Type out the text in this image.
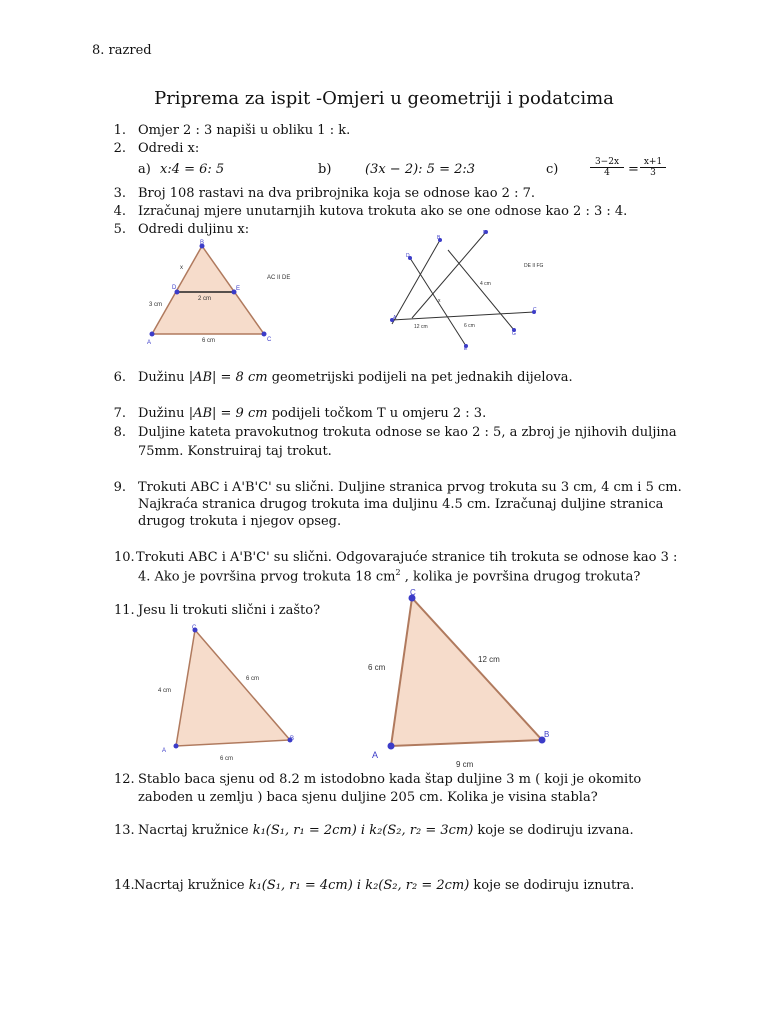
8. razred
Priprema za ispit -Omjeri u geometriji i podatcima
1. Omjer 2 : 3 napiši u obliku 1 : k.
2. Odredi x:
a) x:4 = 6: 5	b)	(3x − 2): 5 = 2:3	c)	$\frac{3-2x}{4} = \frac{x+1}{3}$
3. Broj 108 rastavi na dva pribrojnika koja se odnose kao 2 : 7.
4. Izračunaj mjere unutarnjih kutova trokuta ako se one odnose kao 2 : 3 : 4.
5. Odredi duljinu x:
B
D	E
A	C
x
2 cm
3 cm
6 cm
AC II DE
D
B
F
A
C
G
E
x
4 cm
12 cm	6 cm
DE II FG
6. Dužinu |AB| = 8 cm geometrijski podijeli na pet jednakih dijelova.
7. Dužinu |AB| = 9 cm podijeli točkom T u omjeru 2 : 3.
8. Duljine kateta pravokutnog trokuta odnose se kao 2 : 5, a zbroj je njihovih duljina
75mm. Konstruiraj taj trokut.
9. Trokuti ABC i A'B'C' su slični. Duljine stranica prvog trokuta su 3 cm, 4 cm i 5 cm.
Najkraća stranica drugog trokuta ima duljinu 4.5 cm. Izračunaj duljine stranica
drugog trokuta i njegov opseg.
10. Trokuti ABC i A'B'C' su slični. Odgovarajuće stranice tih trokuta se odnose kao 3 :
4. Ako je površina prvog trokuta 18 $cm^2$ , kolika je površina drugog trokuta?
11. Jesu li trokuti slični i zašto?
C
A
B
4 cm
6 cm
6 cm
C
A
B
6 cm
12 cm
9 cm
12. Stablo baca sjenu od 8.2 m istodobno kada štap duljine 3 m ( koji je okomito
zaboden u zemlju ) baca sjenu duljine 205 cm. Kolika je visina stabla?
13. Nacrtaj kružnice k₁(S₁, r₁ = 2cm) i k₂(S₂, r₂ = 3cm) koje se dodiruju izvana.
14. Nacrtaj kružnice k₁(S₁, r₁ = 4cm) i k₂(S₂, r₂ = 2cm) koje se dodiruju iznutra.
